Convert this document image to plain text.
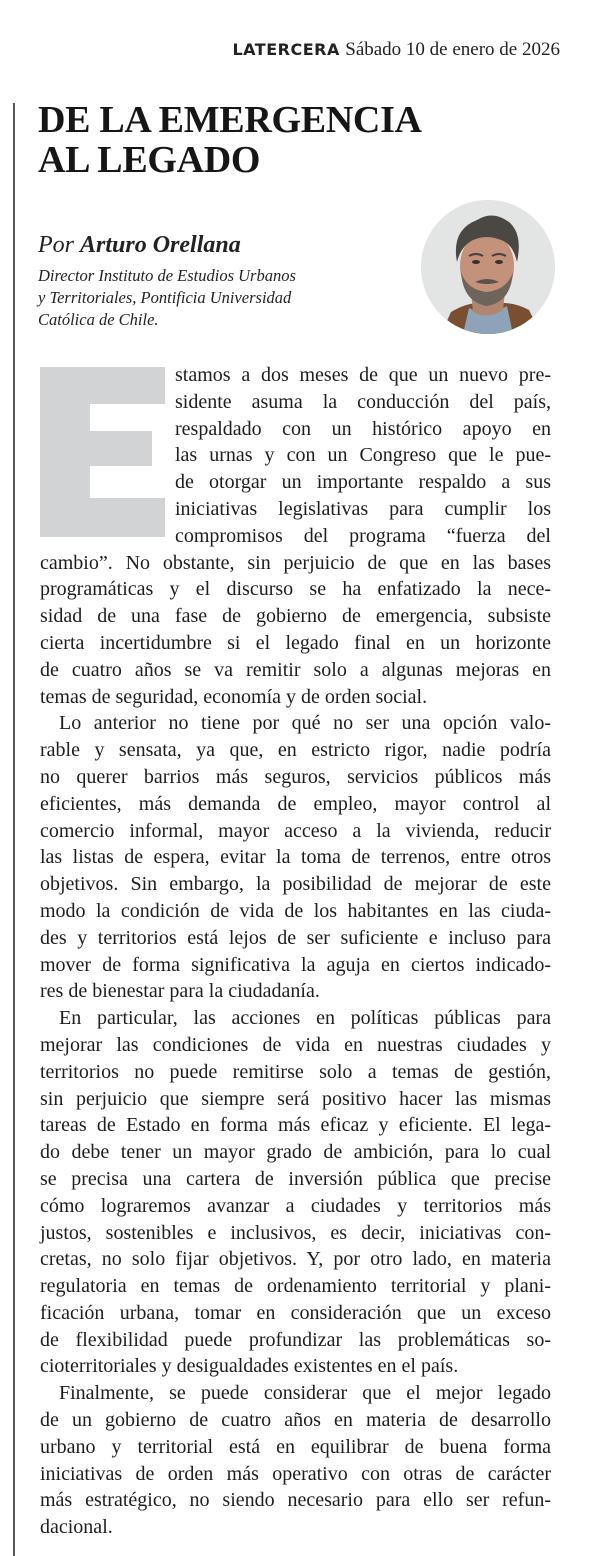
LATERCERA Sábado 10 de enero de 2026
DE LA EMERGENCIA
AL LEGADO
Por Arturo Orellana
Director Instituto de Estudios Urbanos
y Territoriales, Pontificia Universidad
Católica de Chile.
stamos a dos meses de que un nuevo pre-
sidente asuma la conducción del país,
respaldado con un histórico apoyo en
las urnas y con un Congreso que le pue-
de otorgar un importante respaldo a sus
iniciativas legislativas para cumplir los
compromisos del programa “fuerza del
cambio”. No obstante, sin perjuicio de que en las bases
programáticas y el discurso se ha enfatizado la nece-
sidad de una fase de gobierno de emergencia, subsiste
cierta incertidumbre si el legado final en un horizonte
de cuatro años se va remitir solo a algunas mejoras en
temas de seguridad, economía y de orden social.
Lo anterior no tiene por qué no ser una opción valo-
rable y sensata, ya que, en estricto rigor, nadie podría
no querer barrios más seguros, servicios públicos más
eficientes, más demanda de empleo, mayor control al
comercio informal, mayor acceso a la vivienda, reducir
las listas de espera, evitar la toma de terrenos, entre otros
objetivos. Sin embargo, la posibilidad de mejorar de este
modo la condición de vida de los habitantes en las ciuda-
des y territorios está lejos de ser suficiente e incluso para
mover de forma significativa la aguja en ciertos indicado-
res de bienestar para la ciudadanía.
En particular, las acciones en políticas públicas para
mejorar las condiciones de vida en nuestras ciudades y
territorios no puede remitirse solo a temas de gestión,
sin perjuicio que siempre será positivo hacer las mismas
tareas de Estado en forma más eficaz y eficiente. El lega-
do debe tener un mayor grado de ambición, para lo cual
se precisa una cartera de inversión pública que precise
cómo lograremos avanzar a ciudades y territorios más
justos, sostenibles e inclusivos, es decir, iniciativas con-
cretas, no solo fijar objetivos. Y, por otro lado, en materia
regulatoria en temas de ordenamiento territorial y plani-
ficación urbana, tomar en consideración que un exceso
de flexibilidad puede profundizar las problemáticas so-
cioterritoriales y desigualdades existentes en el país.
Finalmente, se puede considerar que el mejor legado
de un gobierno de cuatro años en materia de desarrollo
urbano y territorial está en equilibrar de buena forma
iniciativas de orden más operativo con otras de carácter
más estratégico, no siendo necesario para ello ser refun-
dacional.
